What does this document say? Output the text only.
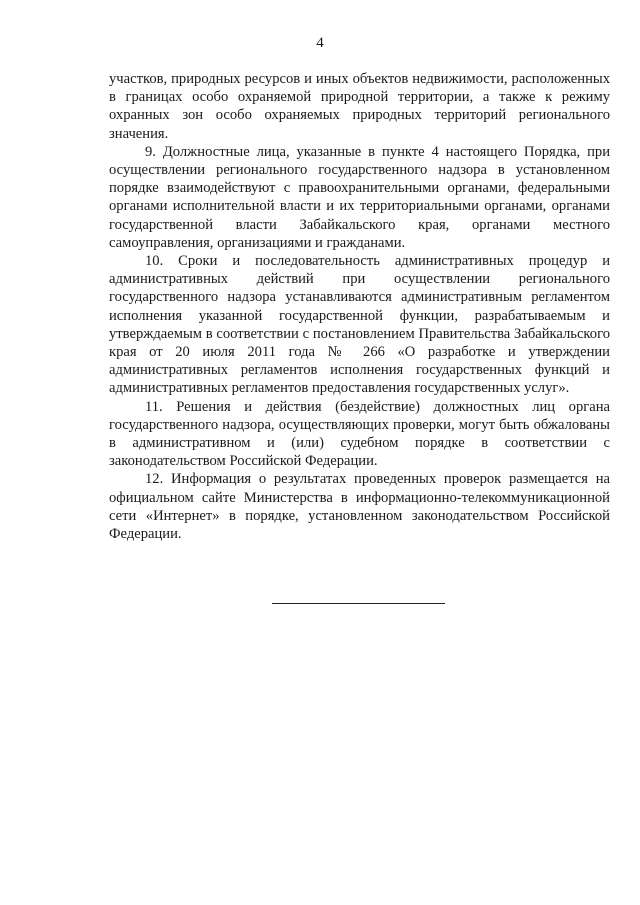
4

участков, природных ресурсов и иных объектов недвижимости, расположенных в границах особо охраняемой природной территории, а также к режиму охранных зон особо охраняемых природных территорий регионального значения.

9. Должностные лица, указанные в пункте 4 настоящего Порядка, при осуществлении регионального государственного надзора в установленном порядке взаимодействуют с правоохранительными органами, федеральными органами исполнительной власти и их территориальными органами, органами государственной власти Забайкальского края, органами местного самоуправления, организациями и гражданами.

10. Сроки и последовательность административных процедур и административных действий при осуществлении регионального государственного надзора устанавливаются административным регламентом исполнения указанной государственной функции, разрабатываемым и утверждаемым в соответствии с постановлением Правительства Забайкальского края от 20 июля 2011 года № 266 «О разработке и утверждении административных регламентов исполнения государственных функций и административных регламентов предоставления государственных услуг».

11. Решения и действия (бездействие) должностных лиц органа государственного надзора, осуществляющих проверки, могут быть обжалованы в административном и (или) судебном порядке в соответствии с законодательством Российской Федерации.

12. Информация о результатах проведенных проверок размещается на официальном сайте Министерства в информационно-телекоммуникационной сети «Интернет» в порядке, установленном законодательством Российской Федерации.
